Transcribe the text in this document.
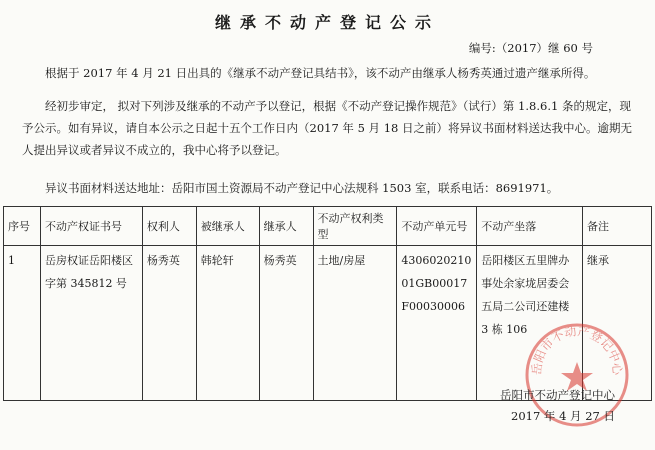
继承不动产登记公示
编号:（2017）继 60 号

根据于 2017 年 4 月 21 日出具的《继承不动产登记具结书》，该不动产由继承人杨秀英通过遗产继承所得。

经初步审定， 拟对下列涉及继承的不动产予以登记，根据《不动产登记操作规范》（试行）第 1.8.6.1 条的规定，现予公示。如有异议，请自本公示之日起十五个工作日内（2017 年 5 月 18 日之前）将异议书面材料送达我中心。逾期无人提出异议或者异议不成立的，我中心将予以登记。

异议书面材料送达地址：岳阳市国土资源局不动产登记中心法规科 1503 室，联系电话：8691971。

序号	不动产权证书号	权利人	被继承人	继承人	不动产权利类型	不动产单元号	不动产坐落	备注
1	岳房权证岳阳楼区字第 345812 号	杨秀英	韩轮轩	杨秀英	土地/房屋	430602021001GB00017F00030006	岳阳楼区五里牌办事处余家垅居委会五局二公司还建楼 3 栋 106	继承
岳阳市不动产登记中心
岳阳市不动产登记中心
2017 年 4 月 27 日
